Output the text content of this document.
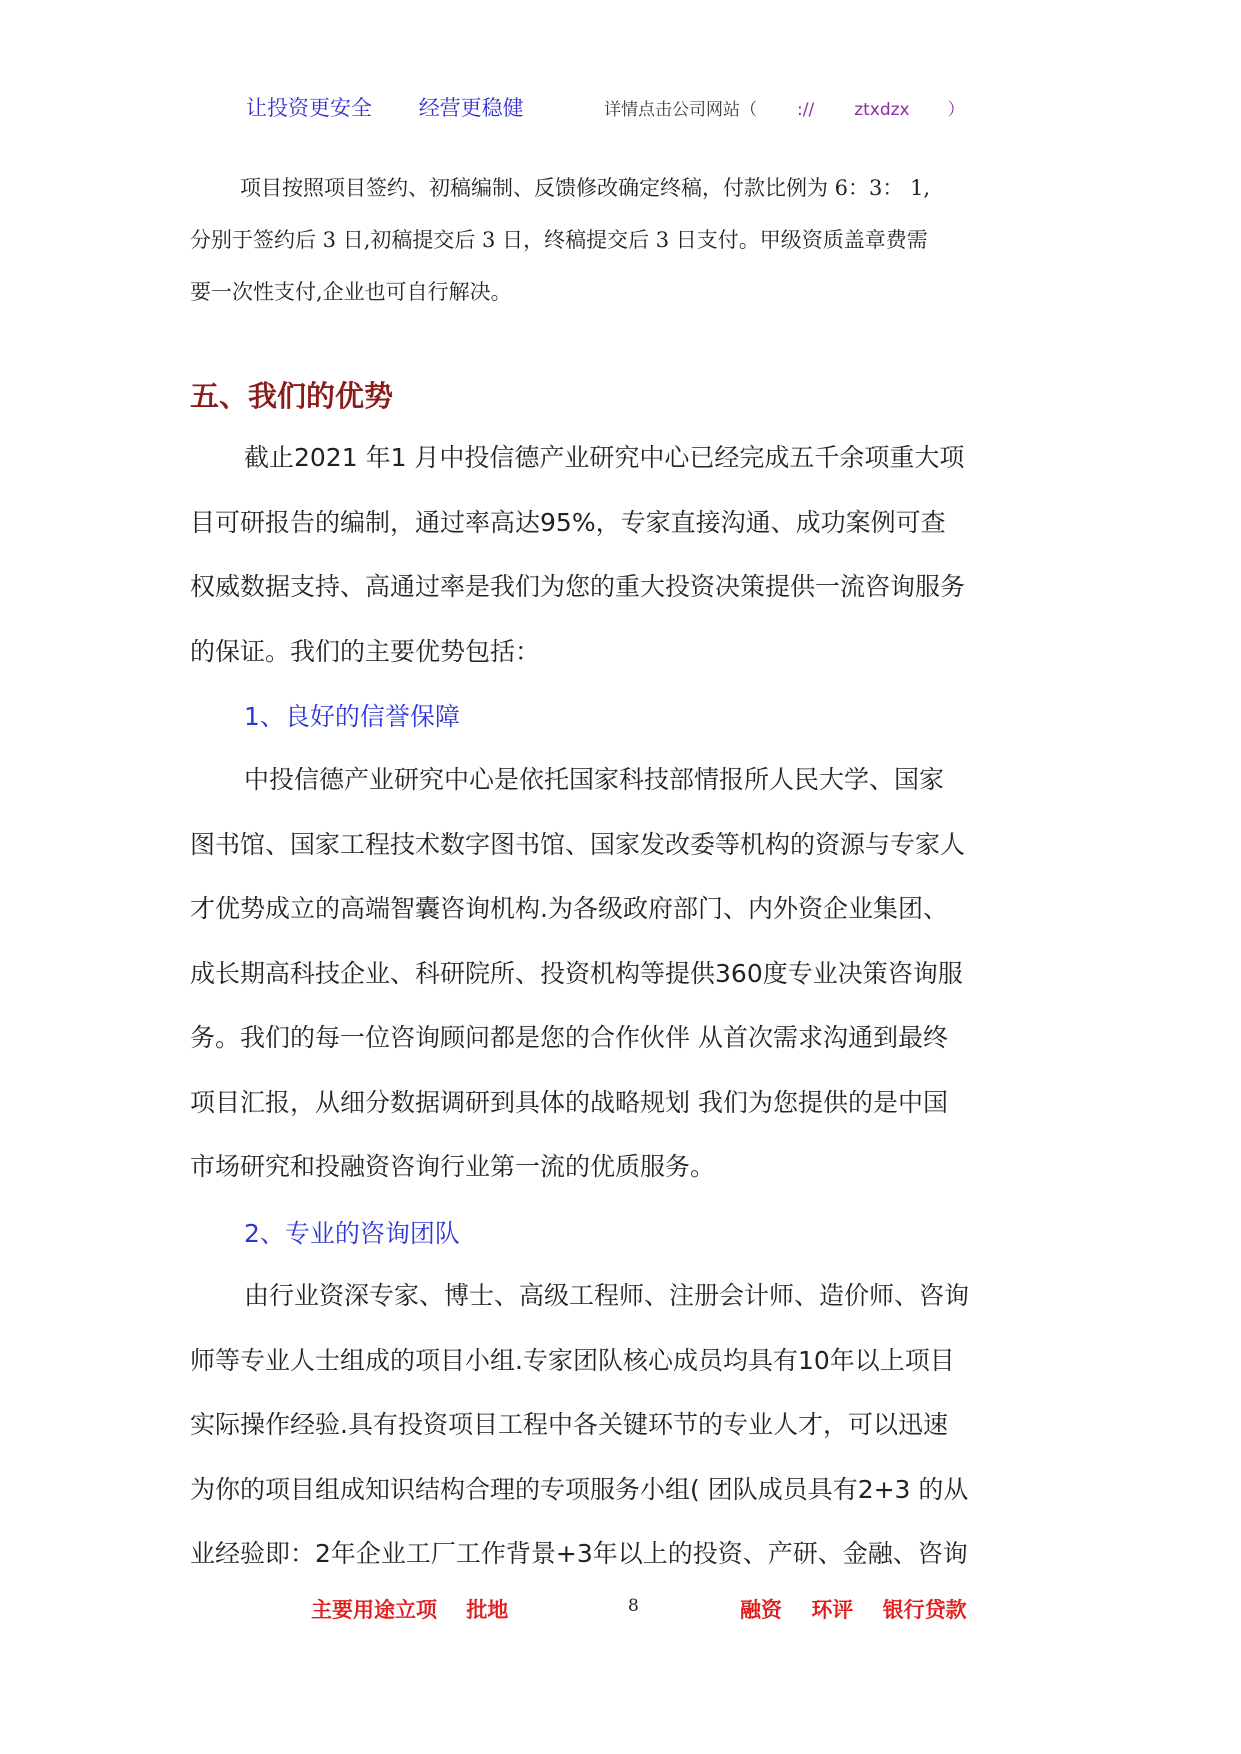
让投资更安全 经营更稳健	详情点击公司网站（ :// ztxdzx ）

项目按照项目签约、初稿编制、反馈修改确定终稿，付款比例为 6：3： 1,

分别于签约后 3 日,初稿提交后 3 日，终稿提交后 3 日支付。甲级资质盖章费需

要一次性支付,企业也可自行解决。

五、我们的优势

截止2021 年1 月中投信德产业研究中心已经完成五千余项重大项

目可研报告的编制，通过率高达95%，专家直接沟通、成功案例可查

权威数据支持、高通过率是我们为您的重大投资决策提供一流咨询服务

的保证。我们的主要优势包括：

1、良好的信誉保障

中投信德产业研究中心是依托国家科技部情报所人民大学、国家

图书馆、国家工程技术数字图书馆、国家发改委等机构的资源与专家人

才优势成立的高端智囊咨询机构.为各级政府部门、内外资企业集团、

成长期高科技企业、科研院所、投资机构等提供360度专业决策咨询服

务。我们的每一位咨询顾问都是您的合作伙伴 从首次需求沟通到最终

项目汇报，从细分数据调研到具体的战略规划 我们为您提供的是中国

市场研究和投融资咨询行业第一流的优质服务。

2、专业的咨询团队

由行业资深专家、博士、高级工程师、注册会计师、造价师、咨询

师等专业人士组成的项目小组.专家团队核心成员均具有10年以上项目

实际操作经验.具有投资项目工程中各关键环节的专业人才，可以迅速

为你的项目组成知识结构合理的专项服务小组( 团队成员具有2+3 的从

业经验即：2年企业工厂工作背景+3年以上的投资、产研、金融、咨询

主要用途立项 批地	8	融资 环评 银行贷款
